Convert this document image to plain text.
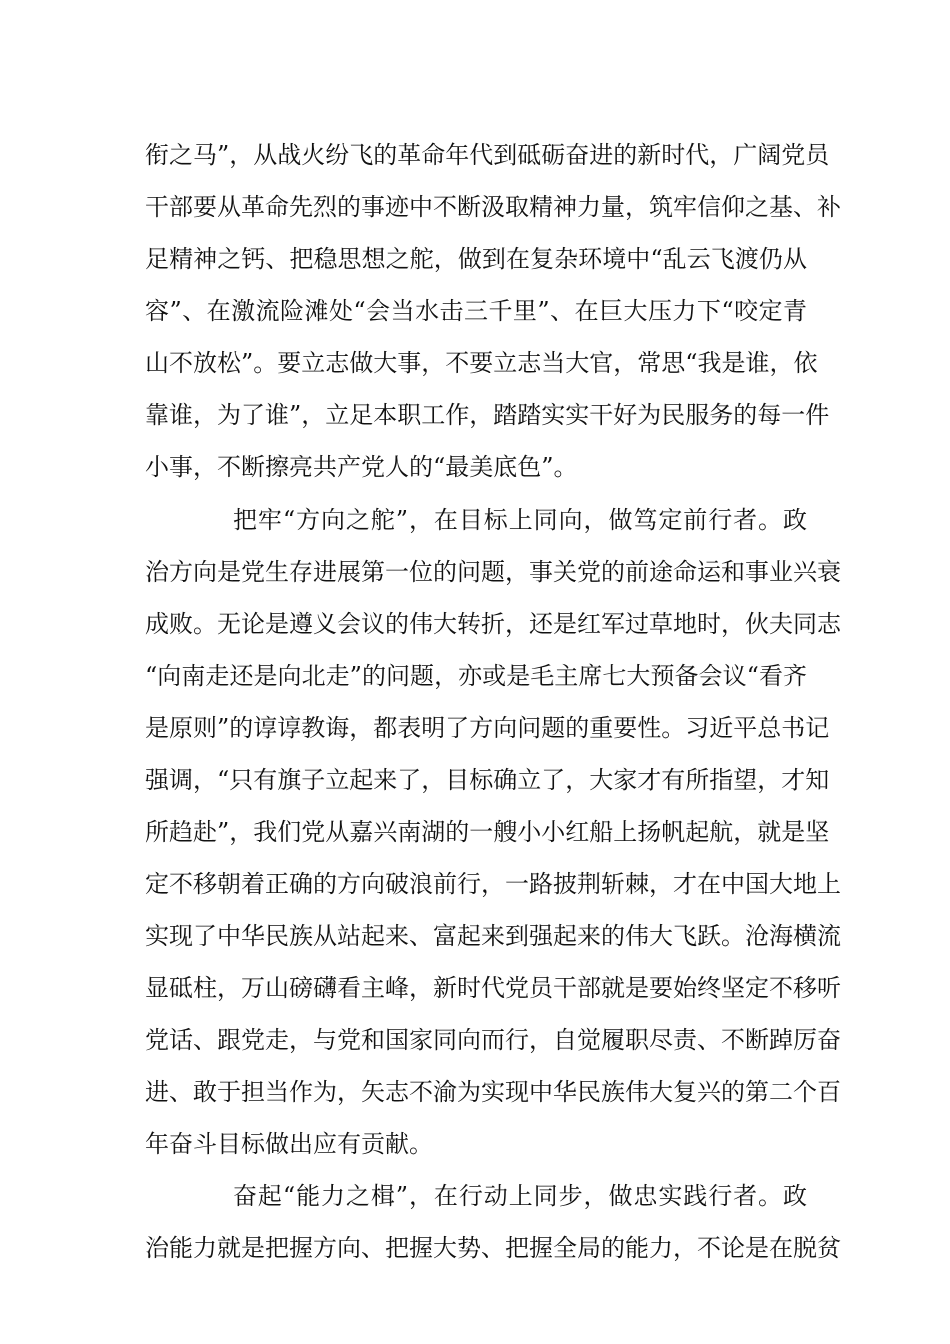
衔之马”，从战火纷飞的革命年代到砥砺奋进的新时代，广阔党员
干部要从革命先烈的事迹中不断汲取精神力量，筑牢信仰之基、补
足精神之钙、把稳思想之舵，做到在复杂环境中“乱云飞渡仍从
容”、在激流险滩处“会当水击三千里”、在巨大压力下“咬定青
山不放松”。要立志做大事，不要立志当大官，常思“我是谁，依
靠谁，为了谁”，立足本职工作，踏踏实实干好为民服务的每一件
小事，不断擦亮共产党人的“最美底色”。
把牢“方向之舵”，在目标上同向，做笃定前行者。政
治方向是党生存进展第一位的问题，事关党的前途命运和事业兴衰
成败。无论是遵义会议的伟大转折，还是红军过草地时，伙夫同志
“向南走还是向北走”的问题，亦或是毛主席七大预备会议“看齐
是原则”的谆谆教诲，都表明了方向问题的重要性。习近平总书记
强调，“只有旗子立起来了，目标确立了，大家才有所指望，才知
所趋赴”，我们党从嘉兴南湖的一艘小小红船上扬帆起航，就是坚
定不移朝着正确的方向破浪前行，一路披荆斩棘，才在中国大地上
实现了中华民族从站起来、富起来到强起来的伟大飞跃。沧海横流
显砥柱，万山磅礴看主峰，新时代党员干部就是要始终坚定不移听
党话、跟党走，与党和国家同向而行，自觉履职尽责、不断踔厉奋
进、敢于担当作为，矢志不渝为实现中华民族伟大复兴的第二个百
年奋斗目标做出应有贡献。
奋起“能力之楫”，在行动上同步，做忠实践行者。政
治能力就是把握方向、把握大势、把握全局的能力，不论是在脱贫
